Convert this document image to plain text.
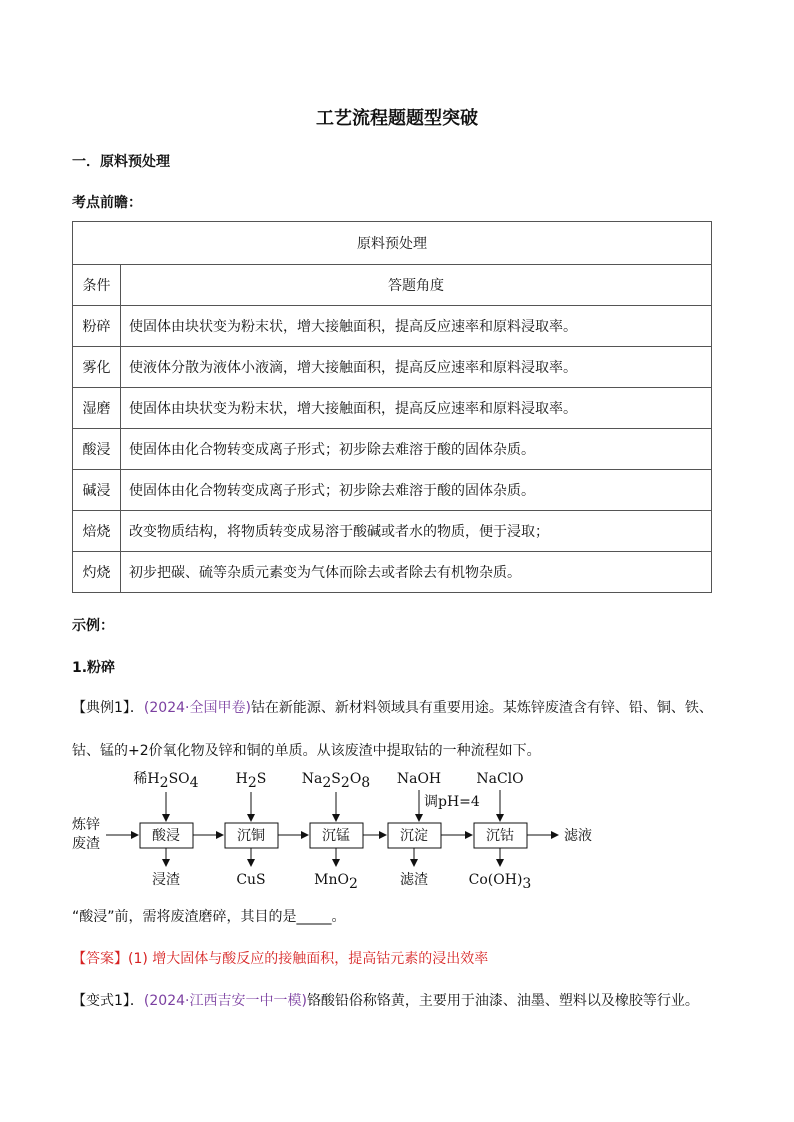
工艺流程题题型突破
一．原料预处理
考点前瞻：
原料预处理	
条件	答题角度
粉碎	使固体由块状变为粉末状，增大接触面积，提高反应速率和原料浸取率。
雾化	使液体分散为液体小液滴，增大接触面积，提高反应速率和原料浸取率。
湿磨	使固体由块状变为粉末状，增大接触面积，提高反应速率和原料浸取率。
酸浸	使固体由化合物转变成离子形式；初步除去难溶于酸的固体杂质。
碱浸	使固体由化合物转变成离子形式；初步除去难溶于酸的固体杂质。
焙烧	改变物质结构，将物质转变成易溶于酸碱或者水的物质，便于浸取；
灼烧	初步把碳、硫等杂质元素变为气体而除去或者除去有机物杂质。
示例：
1.粉碎
【典例1】．(2024·全国甲卷)钴在新能源、新材料领域具有重要用途。某炼锌废渣含有锌、铅、铜、铁、
钴、锰的+2价氧化物及锌和铜的单质。从该废渣中提取钴的一种流程如下。
炼锌
废渣	酸浸	沉铜	沉锰	沉淀	沉钴	滤液
稀H2SO4	H2S	Na2S2O8 NaOH
调pH=4
NaClO
浸渣	CuS	MnO2	滤渣	Co(OH)3
“酸浸”前，需将废渣磨碎，其目的是_____。
【答案】(1) 增大固体与酸反应的接触面积，提高钴元素的浸出效率
【变式1】．(2024·江西吉安一中一模)铬酸铅俗称铬黄，主要用于油漆、油墨、塑料以及橡胶等行业。
